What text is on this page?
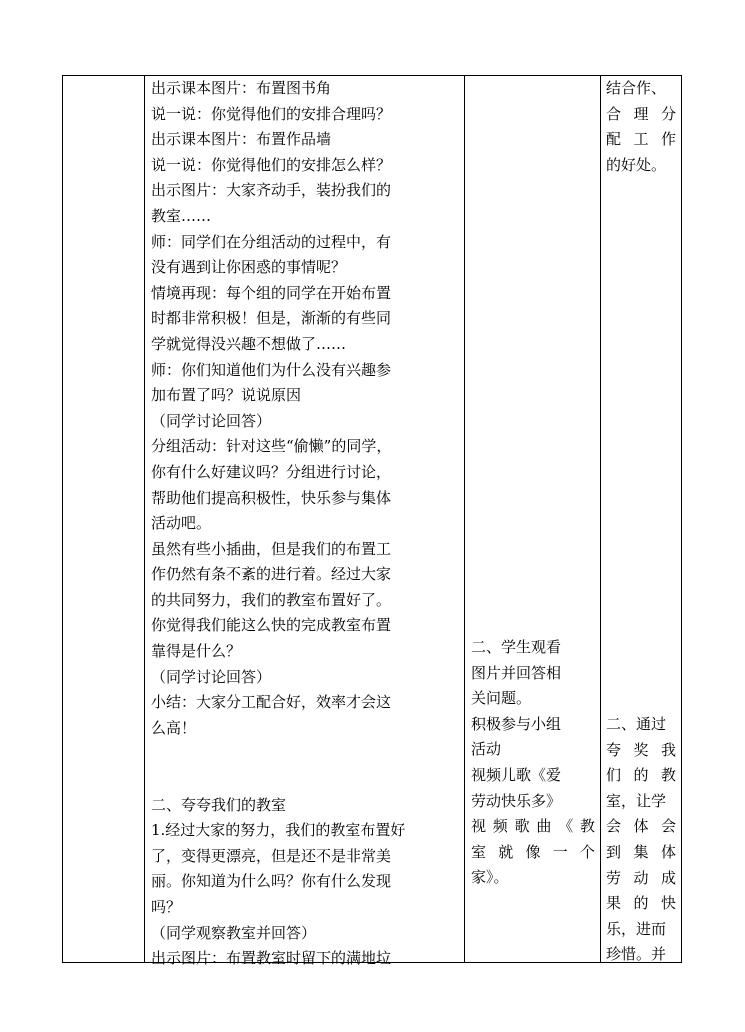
出示课本图片：布置图书角

说一说：你觉得他们的安排合理吗？

出示课本图片：布置作品墙

说一说：你觉得他们的安排怎么样？

出示图片：大家齐动手，装扮我们的

教室……

师：同学们在分组活动的过程中，有

没有遇到让你困惑的事情呢？

情境再现：每个组的同学在开始布置

时都非常积极！但是，渐渐的有些同

学就觉得没兴趣不想做了……

师：你们知道他们为什么没有兴趣参

加布置了吗？说说原因

（同学讨论回答）

分组活动：针对这些“偷懒”的同学，

你有什么好建议吗？分组进行讨论，

帮助他们提高积极性，快乐参与集体

活动吧。

虽然有些小插曲，但是我们的布置工

作仍然有条不紊的进行着。经过大家

的共同努力，我们的教室布置好了。

你觉得我们能这么快的完成教室布置

靠得是什么？

（同学讨论回答）

小结：大家分工配合好，效率才会这

么高！

二、夸夸我们的教室

1.经过大家的努力，我们的教室布置好

了，变得更漂亮，但是还不是非常美

丽。你知道为什么吗？你有什么发现

吗？

（同学观察教室并回答）

出示图片：布置教室时留下的满地垃

二、学生观看

图片并回答相

关问题。

积极参与小组

活动

视频儿歌《爱

劳动快乐多》

视频歌曲《教

室就像一个

家》。

结合作、

合理分

配工作

的好处。

二、通过

夸奖我

们的教

室，让学

会体会

到集体

劳动成

果的快

乐，进而

珍惜。并
